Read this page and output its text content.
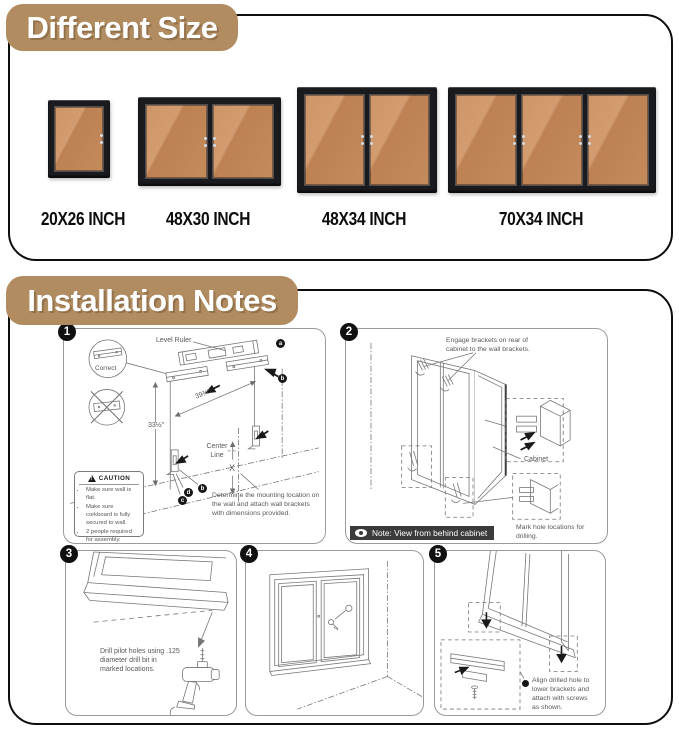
Different Size
20X26 INCH 48X30 INCH	48X34 INCH	70X34 INCH
Installation Notes
1
Level Ruler
Correct
39¾"
33½"
Center Line
X
a
b
d
b
c
!
CAUTION
• Make sure wall is flat.
• Make sure corkboard is fully secured to wall.
• 2 people required for assembly.
Determine the mounting location on the wall and attach wall brackets with dimensions provided.
2
Engage brackets on rear of cabinet to the wall brackets.
Cabinet
Mark hole locations for drilling.
Note: View from behind cabinet
3
Drill pilot holes using .125 diameter drill bit in marked locations.
4	5
Align drilled hole to lower brackets and attach with screws as shown.
